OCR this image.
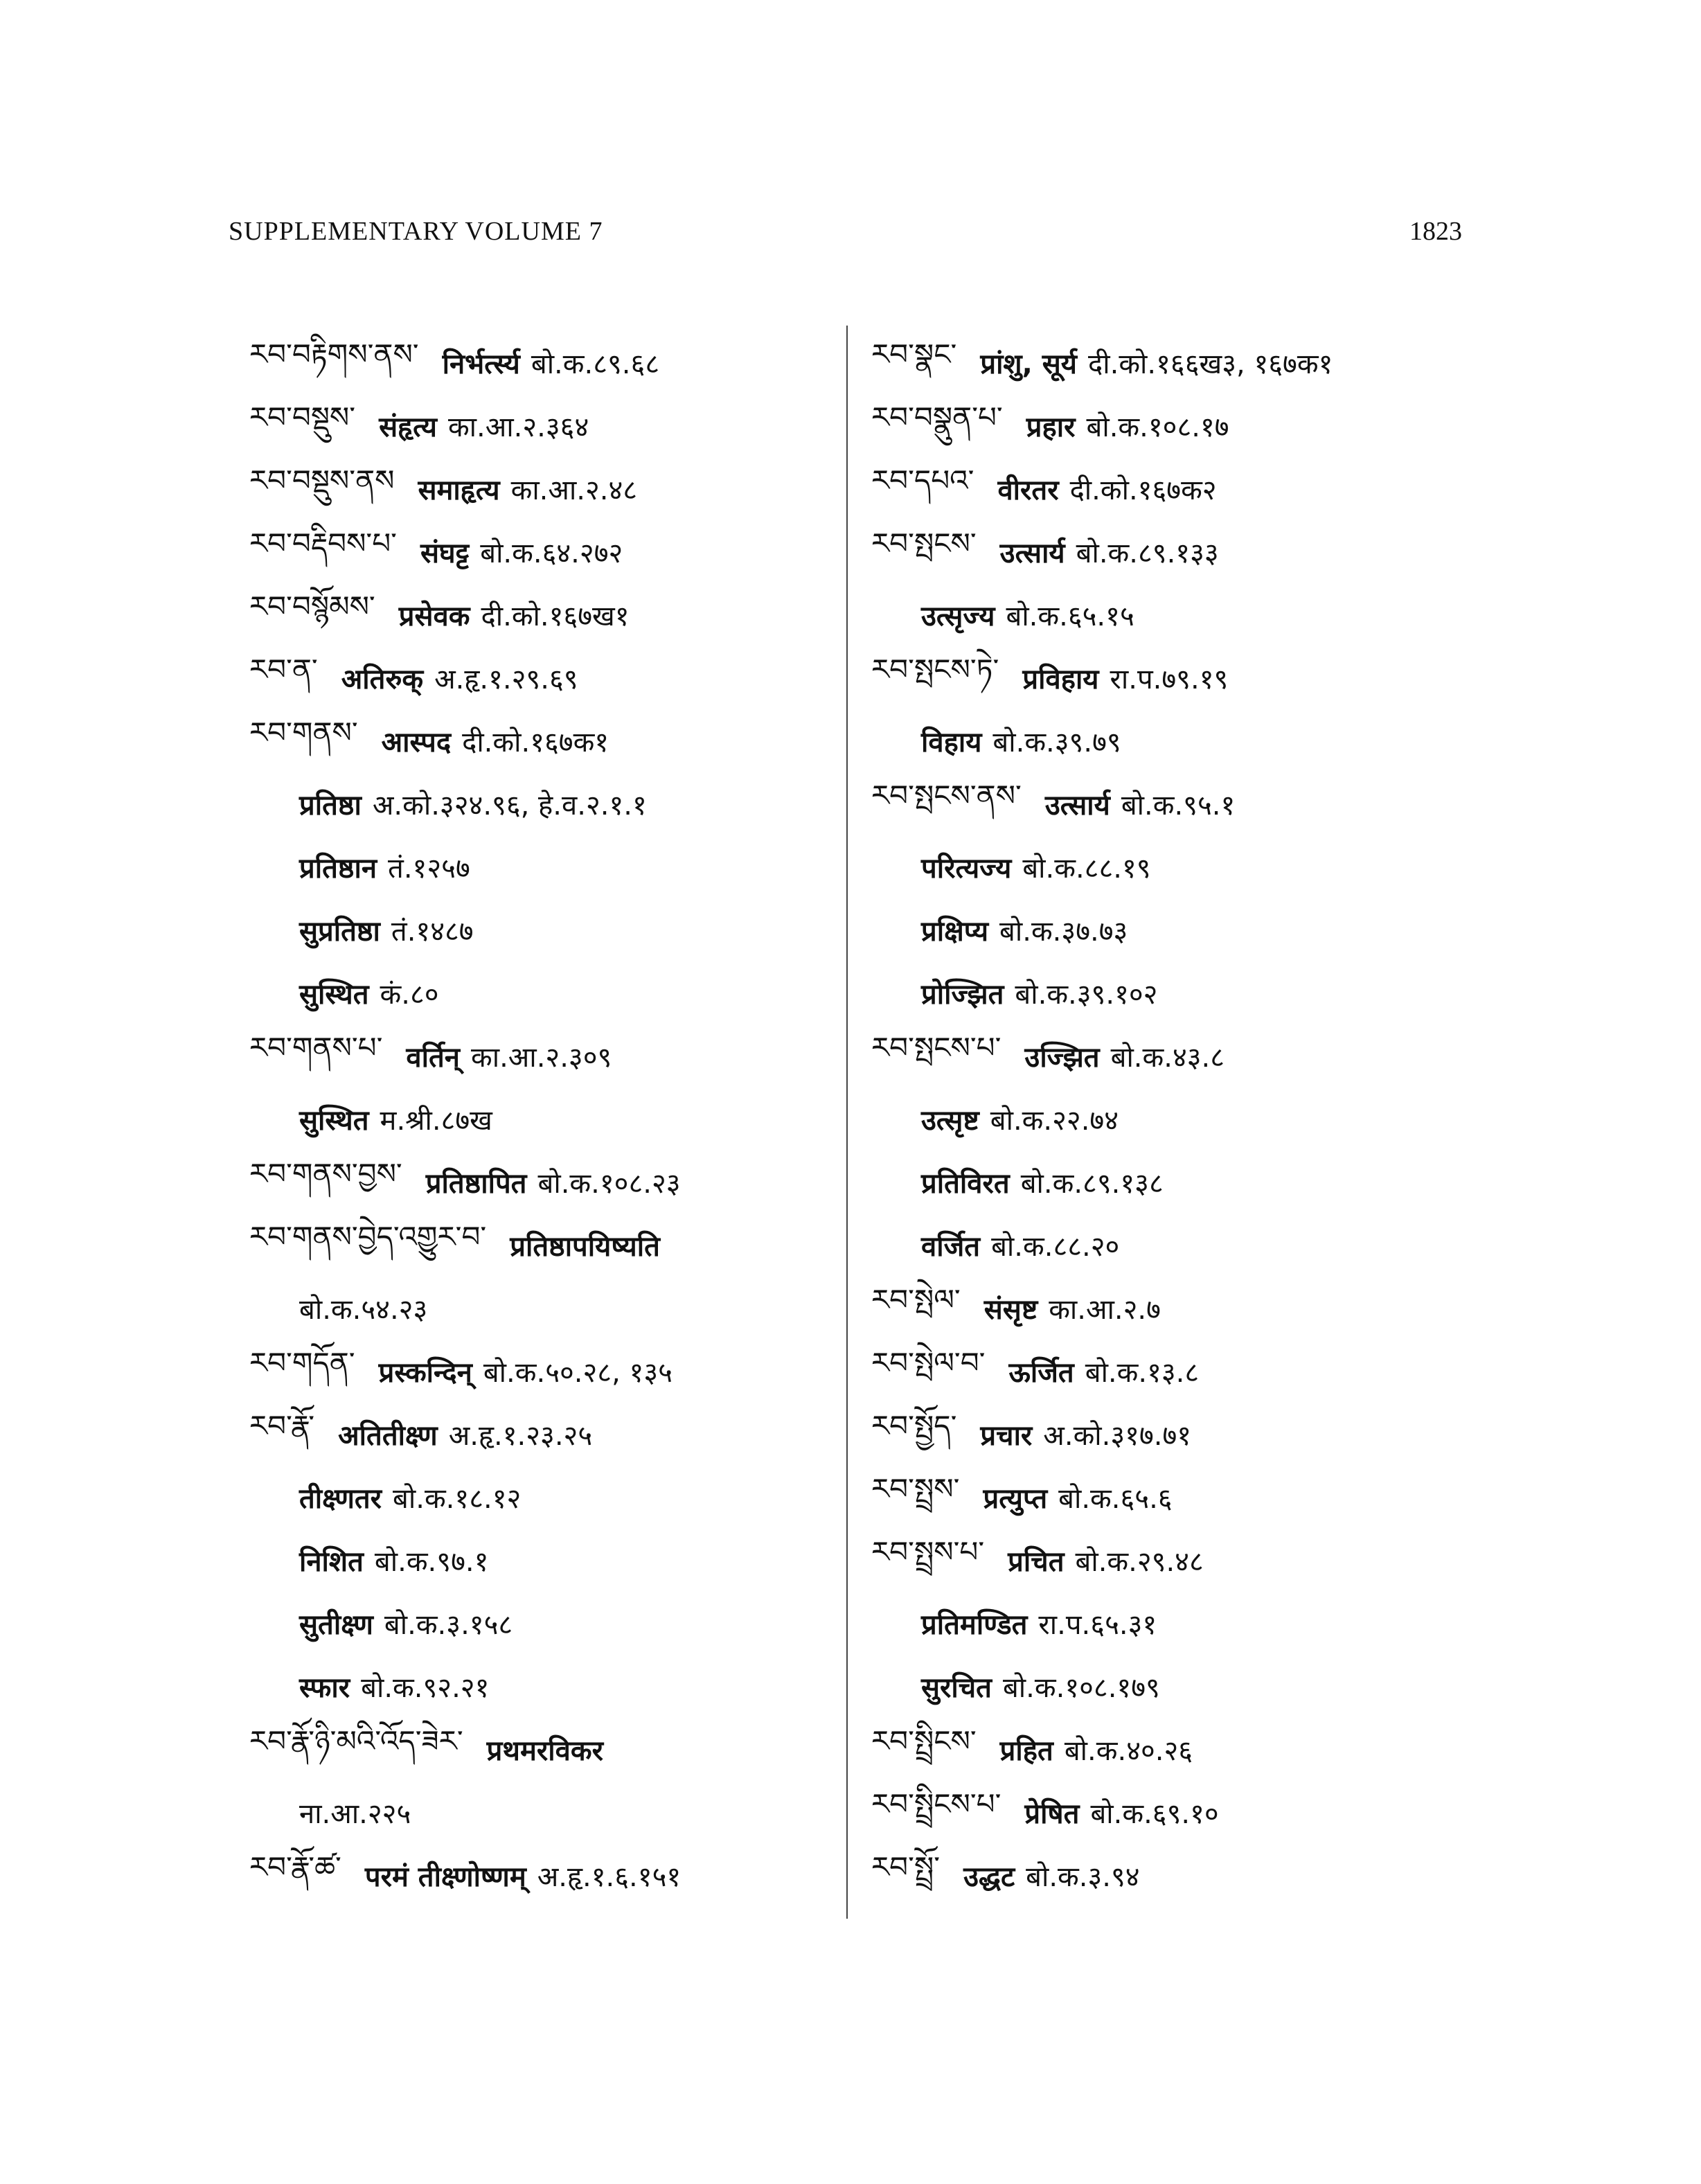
SUPPLEMENTARY VOLUME 7	1823
རབ་བརྟིགས་ནས་ निर्भर्त्स्य बो.क.८९.६८
རབ་བསྡུས་ संहृत्य का.आ.२.३६४
རབ་བསྡུས་ནས समाहृत्य का.आ.२.४८
རབ་བརྡིབས་པ་ संघट्ट बो.क.६४.२७२
རབ་བསྙོམས་ प्रसेवक दी.को.१६७ख१
རབ་ན་ अतिरुक् अ.हृ.१.२९.६९
རབ་གནས་ आस्पद दी.को.१६७क१
प्रतिष्ठा अ.को.३२४.९६, हे.व.२.१.१
प्रतिष्ठान तं.१२५७
सुप्रतिष्ठा तं.१४८७
सुस्थित कं.८०
རབ་གནས་པ་ वर्तिन् का.आ.२.३०९
सुस्थित म.श्री.८७ख
རབ་གནས་བྱས་ प्रतिष्ठापित बो.क.१०८.२३
རབ་གནས་བྱེད་འགྱུར་བ་ प्रतिष्ठापयिष्यति
बो.क.५४.२३
རབ་གདོན་ प्रस्कन्दिन् बो.क.५०.२८, १३५
རབ་རྣོ་ अतितीक्ष्ण अ.हृ.१.२३.२५
तीक्ष्णतर बो.क.१८.१२
निशित बो.क.९७.१
सुतीक्ष्ण बो.क.३.१५८
स्फार बो.क.९२.२१
རབ་རྣོ་ཉི་མའི་འོད་ཟེར་ प्रथमरविकर
ना.आ.२२५
རབ་རྣོ་ཚ་ परमं तीक्ष्णोष्णम् अ.हृ.१.६.१५१
རབ་སྣང་ प्रांशु, सूर्य दी.को.१६६ख३, १६७क१
རབ་བསྣུན་པ་ प्रहार बो.क.१०८.१७
རབ་དཔའ་ वीरतर दी.को.१६७क२
རབ་སྤངས་ उत्सार्य बो.क.८९.१३३
उत्सृज्य बो.क.६५.१५
རབ་སྤངས་ཏེ་ प्रविहाय रा.प.७९.१९
विहाय बो.क.३९.७९
རབ་སྤངས་ནས་ उत्सार्य बो.क.९५.१
परित्यज्य बो.क.८८.१९
प्रक्षिप्य बो.क.३७.७३
प्रोज्झित बो.क.३९.१०२
རབ་སྤངས་པ་ उज्झित बो.क.४३.८
उत्सृष्ट बो.क.२२.७४
प्रतिविरत बो.क.८९.१३८
वर्जित बो.क.८८.२०
རབ་སྤེལ་ संसृष्ट का.आ.२.७
རབ་སྤེལ་བ་ ऊर्जित बो.क.१३.८
རབ་སྤྱོད་ प्रचार अ.को.३१७.७१
རབ་སྤྲས་ प्रत्युप्त बो.क.६५.६
རབ་སྤྲས་པ་ प्रचित बो.क.२९.४८
प्रतिमण्डित रा.प.६५.३१
सुरचित बो.क.१०८.१७९
རབ་སྤྲིངས་ प्रहित बो.क.४०.२६
རབ་སྤྲིངས་པ་ प्रेषित बो.क.६९.१०
རབ་སྤྲོ་ उद्धट बो.क.३.९४
